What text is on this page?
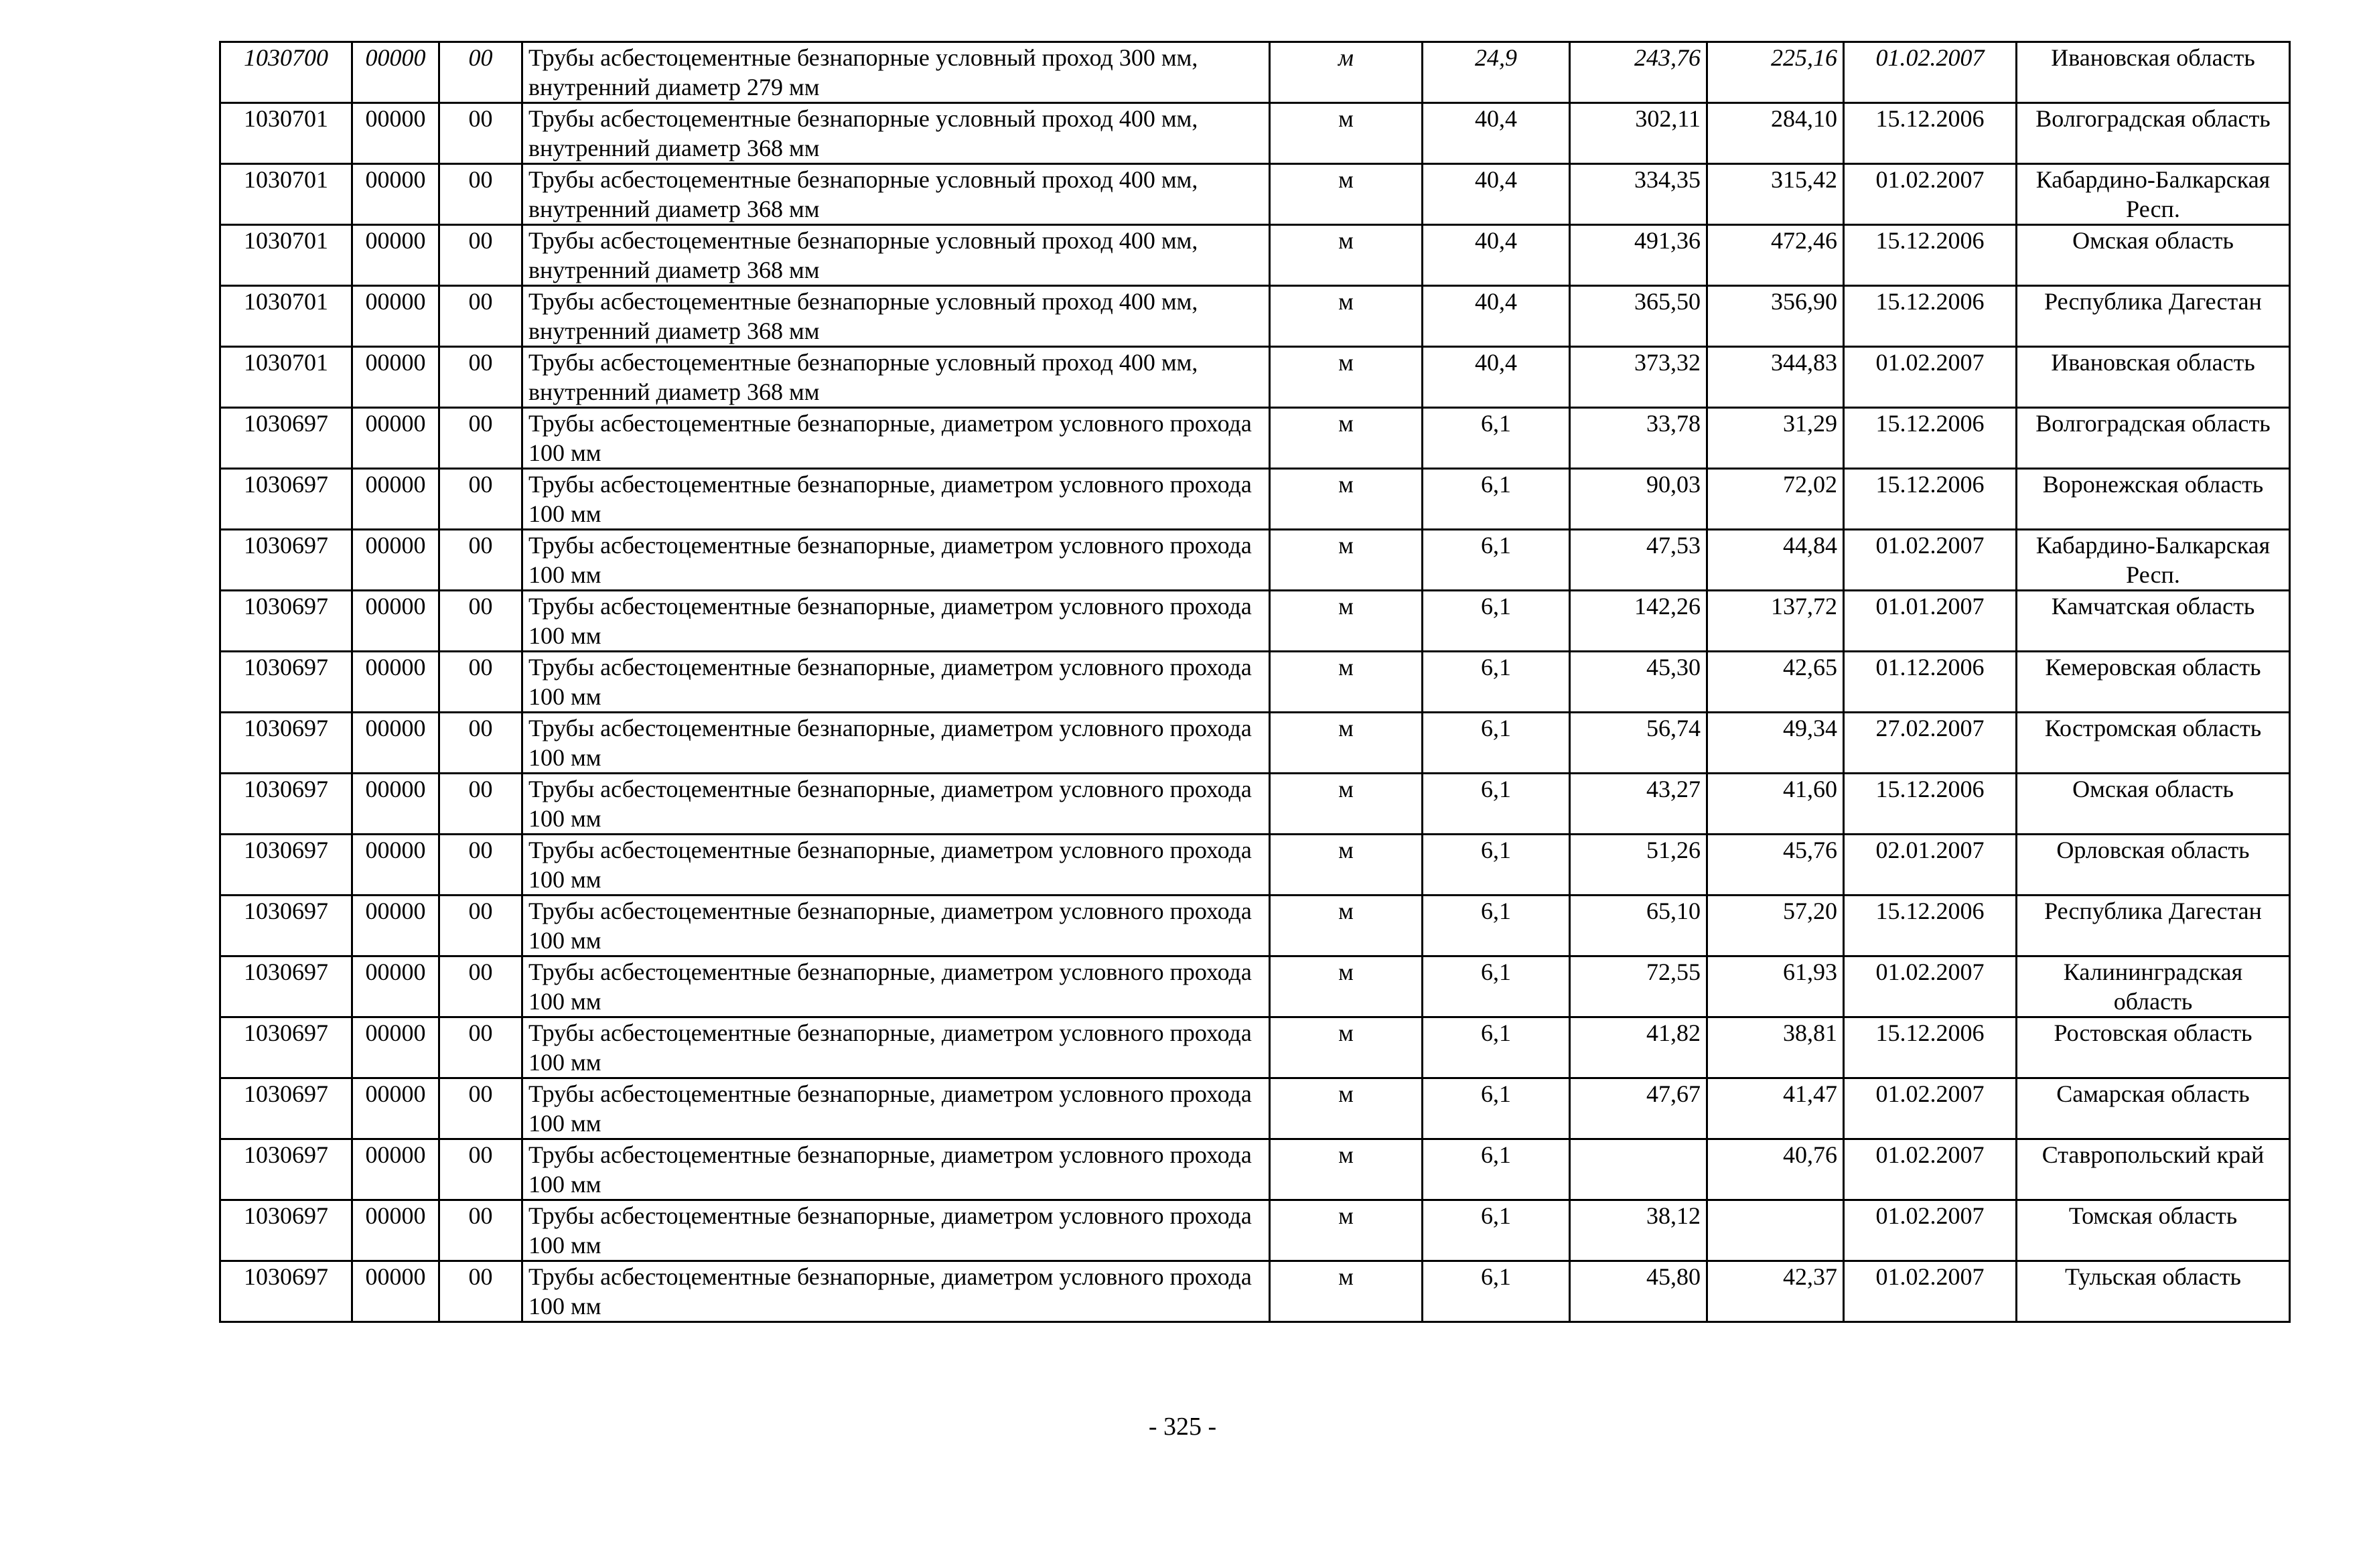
1030700	00000	00	Трубы асбестоцементные безнапорные условный проход 300 мм, внутренний диаметр 279 мм	м	24,9	243,76	225,16	01.02.2007	Ивановская область
1030701	00000	00	Трубы асбестоцементные безнапорные условный проход 400 мм, внутренний диаметр 368 мм	м	40,4	302,11	284,10	15.12.2006	Волгоградская область
1030701	00000	00	Трубы асбестоцементные безнапорные условный проход 400 мм, внутренний диаметр 368 мм	м	40,4	334,35	315,42	01.02.2007	Кабардино-Балкарская Респ.
1030701	00000	00	Трубы асбестоцементные безнапорные условный проход 400 мм, внутренний диаметр 368 мм	м	40,4	491,36	472,46	15.12.2006	Омская область
1030701	00000	00	Трубы асбестоцементные безнапорные условный проход 400 мм, внутренний диаметр 368 мм	м	40,4	365,50	356,90	15.12.2006	Республика Дагестан
1030701	00000	00	Трубы асбестоцементные безнапорные условный проход 400 мм, внутренний диаметр 368 мм	м	40,4	373,32	344,83	01.02.2007	Ивановская область
1030697	00000	00	Трубы асбестоцементные безнапорные, диаметром условного прохода 100 мм	м	6,1	33,78	31,29	15.12.2006	Волгоградская область
1030697	00000	00	Трубы асбестоцементные безнапорные, диаметром условного прохода 100 мм	м	6,1	90,03	72,02	15.12.2006	Воронежская область
1030697	00000	00	Трубы асбестоцементные безнапорные, диаметром условного прохода 100 мм	м	6,1	47,53	44,84	01.02.2007	Кабардино-Балкарская Респ.
1030697	00000	00	Трубы асбестоцементные безнапорные, диаметром условного прохода 100 мм	м	6,1	142,26	137,72	01.01.2007	Камчатская область
1030697	00000	00	Трубы асбестоцементные безнапорные, диаметром условного прохода 100 мм	м	6,1	45,30	42,65	01.12.2006	Кемеровская область
1030697	00000	00	Трубы асбестоцементные безнапорные, диаметром условного прохода 100 мм	м	6,1	56,74	49,34	27.02.2007	Костромская область
1030697	00000	00	Трубы асбестоцементные безнапорные, диаметром условного прохода 100 мм	м	6,1	43,27	41,60	15.12.2006	Омская область
1030697	00000	00	Трубы асбестоцементные безнапорные, диаметром условного прохода 100 мм	м	6,1	51,26	45,76	02.01.2007	Орловская область
1030697	00000	00	Трубы асбестоцементные безнапорные, диаметром условного прохода 100 мм	м	6,1	65,10	57,20	15.12.2006	Республика Дагестан
1030697	00000	00	Трубы асбестоцементные безнапорные, диаметром условного прохода 100 мм	м	6,1	72,55	61,93	01.02.2007	Калининградская область
1030697	00000	00	Трубы асбестоцементные безнапорные, диаметром условного прохода 100 мм	м	6,1	41,82	38,81	15.12.2006	Ростовская область
1030697	00000	00	Трубы асбестоцементные безнапорные, диаметром условного прохода 100 мм	м	6,1	47,67	41,47	01.02.2007	Самарская область
1030697	00000	00	Трубы асбестоцементные безнапорные, диаметром условного прохода 100 мм	м	6,1		40,76	01.02.2007	Ставропольский край
1030697	00000	00	Трубы асбестоцементные безнапорные, диаметром условного прохода 100 мм	м	6,1	38,12		01.02.2007	Томская область
1030697	00000	00	Трубы асбестоцементные безнапорные, диаметром условного прохода 100 мм	м	6,1	45,80	42,37	01.02.2007	Тульская область
- 325 -
